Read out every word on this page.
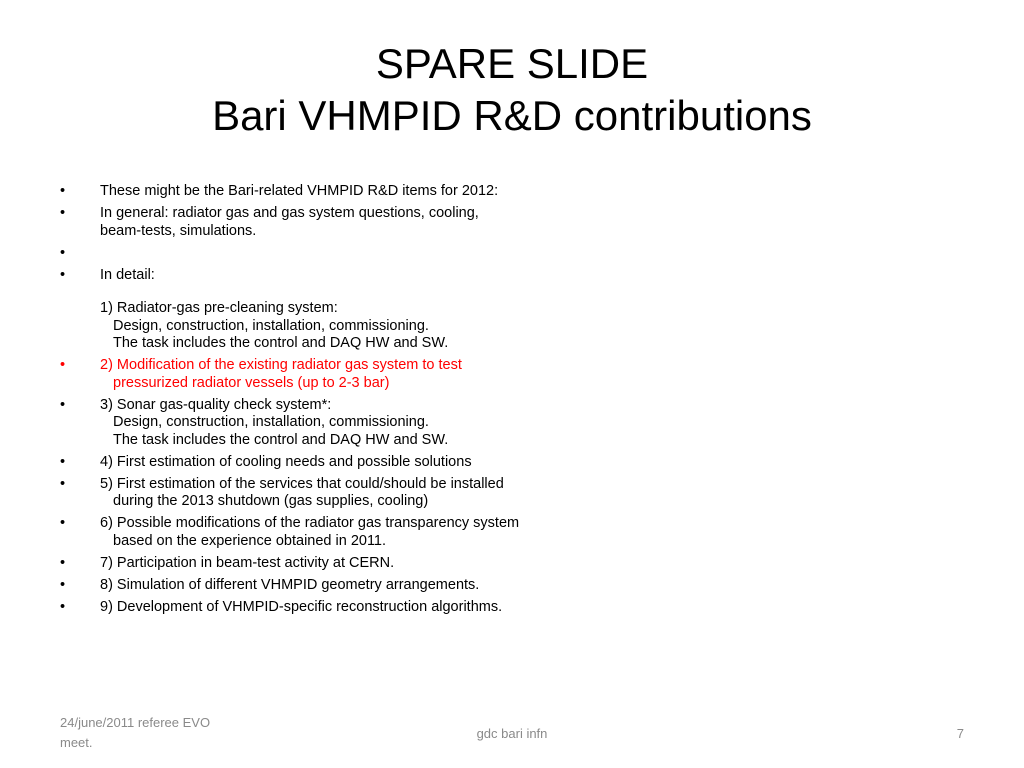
SPARE SLIDE
Bari VHMPID R&D contributions
•	These might be the Bari-related VHMPID R&D items for 2012:
•	In general: radiator gas and gas system questions, cooling,
beam-tests, simulations.
•
•	In detail:
1) Radiator-gas pre-cleaning system:
Design, construction, installation, commissioning.
The task includes the control and DAQ HW and SW.
•	2) Modification of the existing radiator gas system to test
pressurized radiator vessels (up to 2-3 bar)
•	3) Sonar gas-quality check system*:
Design, construction, installation, commissioning.
The task includes the control and DAQ HW and SW.
•	4) First estimation of cooling needs and possible solutions
•	5) First estimation of the services that could/should be installed
during the 2013 shutdown (gas supplies, cooling)
•	6) Possible modifications of the radiator gas transparency system
based on the experience obtained in 2011.
•	7) Participation in beam-test activity at CERN.
•	8) Simulation of different VHMPID geometry arrangements.
•	9) Development of VHMPID-specific reconstruction algorithms.
24/june/2011 referee EVO
meet.
gdc bari infn	7
